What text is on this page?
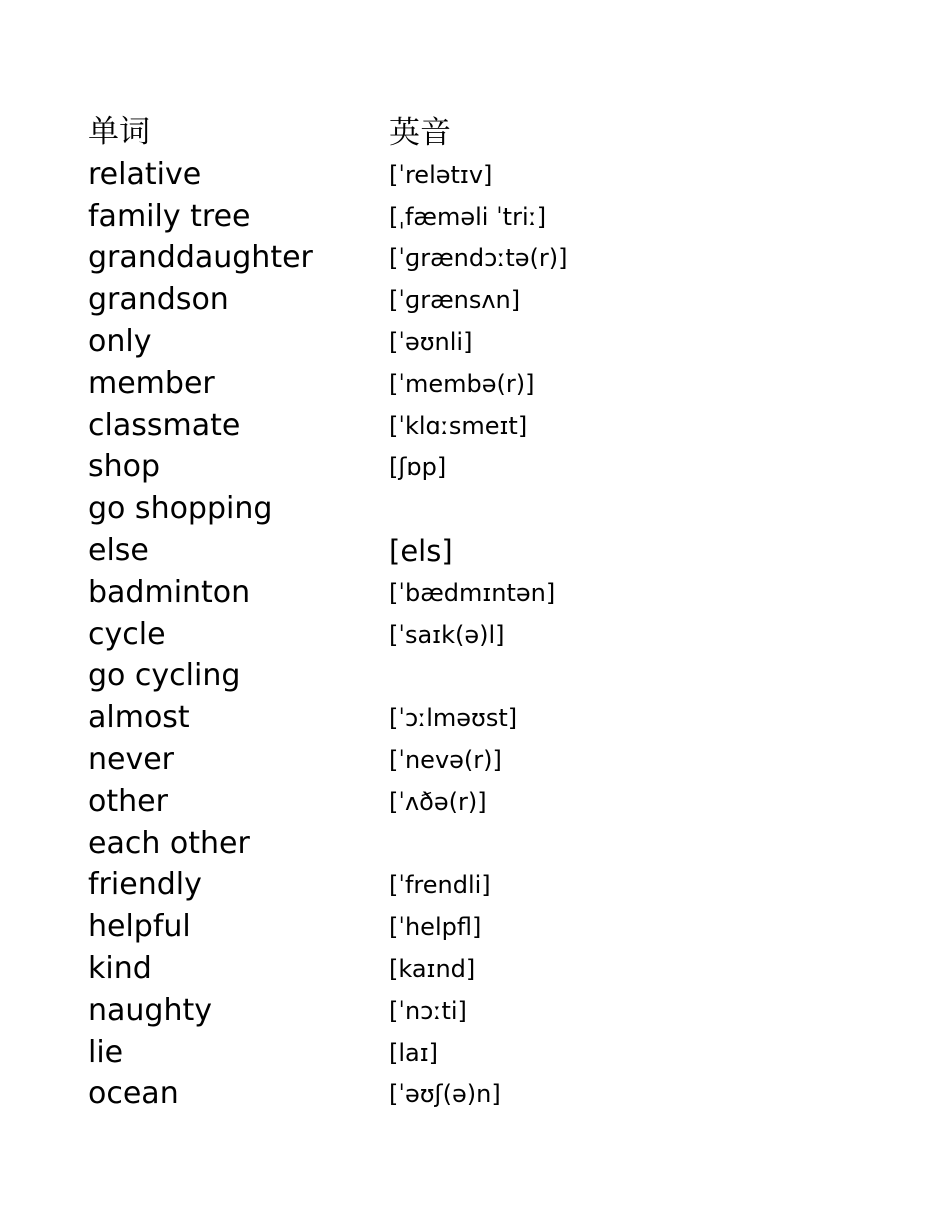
单词	英音
relative	[ˈrelətɪv]
family tree	[ˌfæməli ˈtriː]
granddaughter	[ˈɡrændɔːtə(r)]
grandson	[ˈɡrænsʌn]
only	[ˈəʊnli]
member	[ˈmembə(r)]
classmate	[ˈklɑːsmeɪt]
shop	[ʃɒp]
go shopping
else	[els]
badminton	[ˈbædmɪntən]
cycle	[ˈsaɪk(ə)l]
go cycling
almost	[ˈɔːlməʊst]
never	[ˈnevə(r)]
other	[ˈʌðə(r)]
each other
friendly	[ˈfrendli]
helpful	[ˈhelpfl]
kind	[kaɪnd]
naughty	[ˈnɔːti]
lie	[laɪ]
ocean	[ˈəʊʃ(ə)n]
